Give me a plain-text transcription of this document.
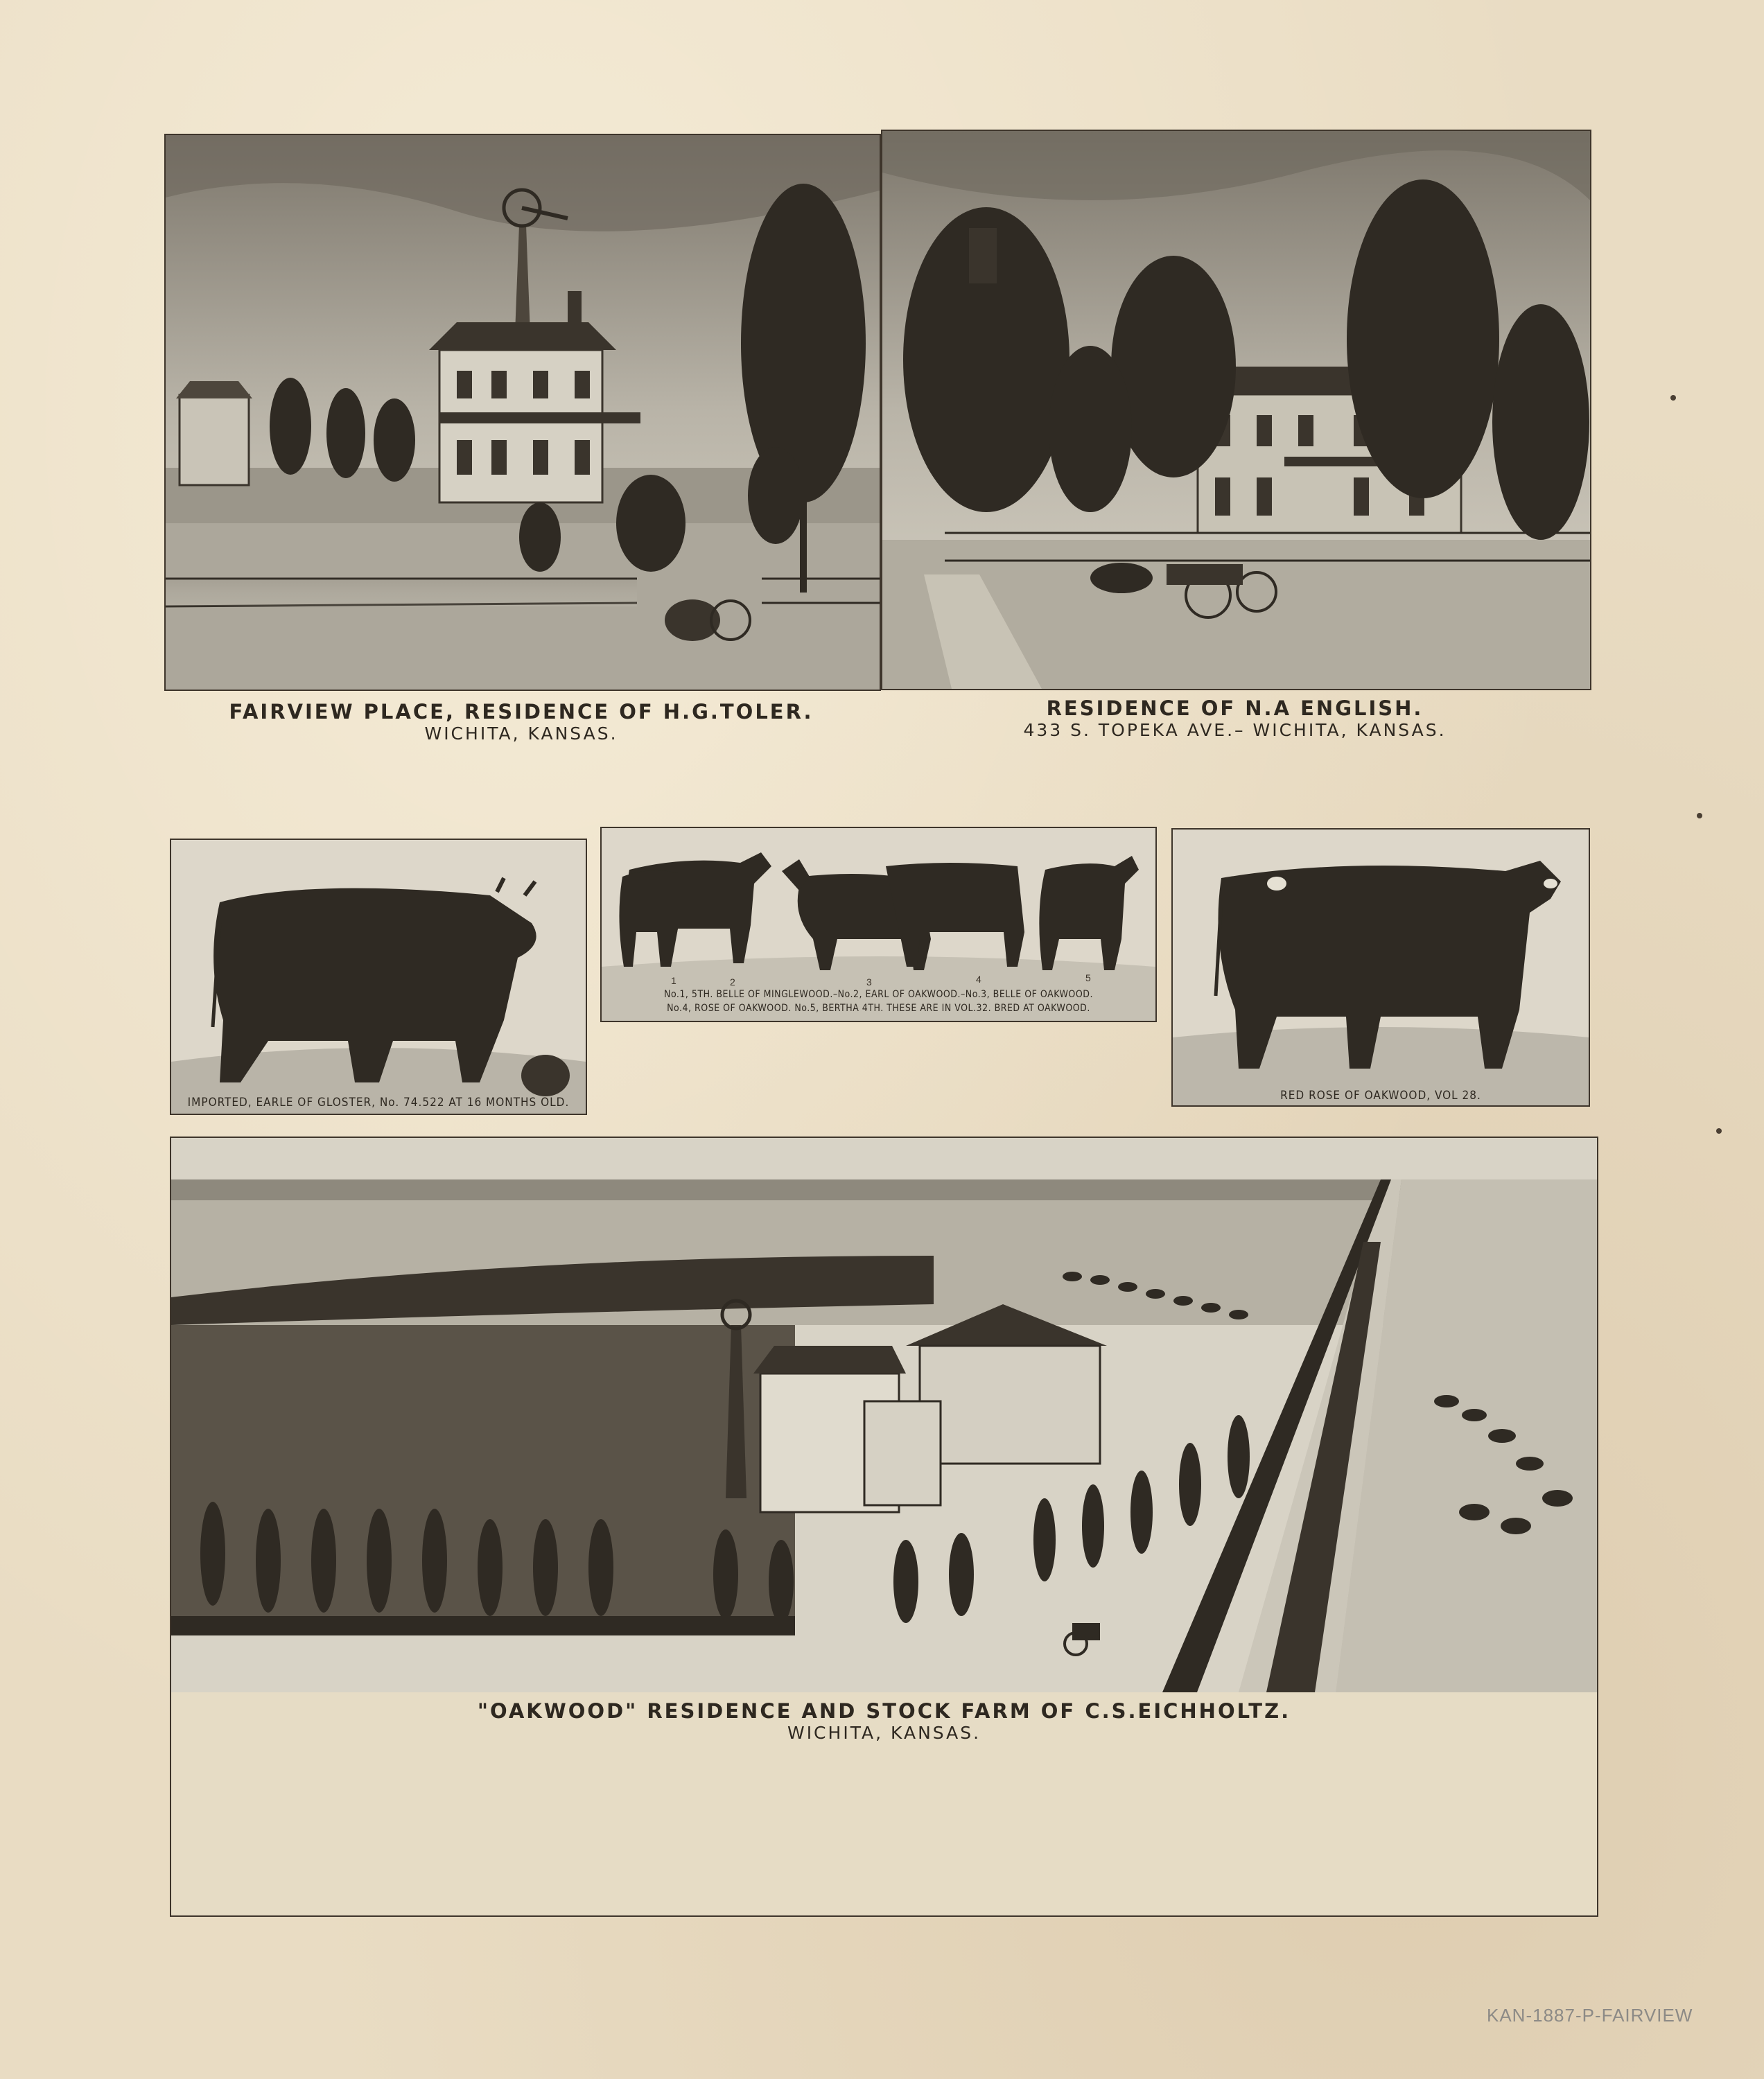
FAIRVIEW PLACE, RESIDENCE OF H.G.TOLER.
WICHITA, KANSAS.
RESIDENCE OF N.A ENGLISH.
433 S. TOPEKA AVE.– WICHITA, KANSAS.
IMPORTED, EARLE OF GLOSTER, No. 74.522 AT 16 MONTHS OLD.
1	2	3	4	5
No.1, 5TH. BELLE OF MINGLEWOOD.–No.2, EARL OF OAKWOOD.–No.3, BELLE OF OAKWOOD.
No.4, ROSE OF OAKWOOD. No.5, BERTHA 4TH. THESE ARE IN VOL.32. BRED AT OAKWOOD.
RED ROSE OF OAKWOOD, VOL 28.
"OAKWOOD" RESIDENCE AND STOCK FARM OF C.S.EICHHOLTZ.
WICHITA, KANSAS.
KAN-1887-P-FAIRVIEW
